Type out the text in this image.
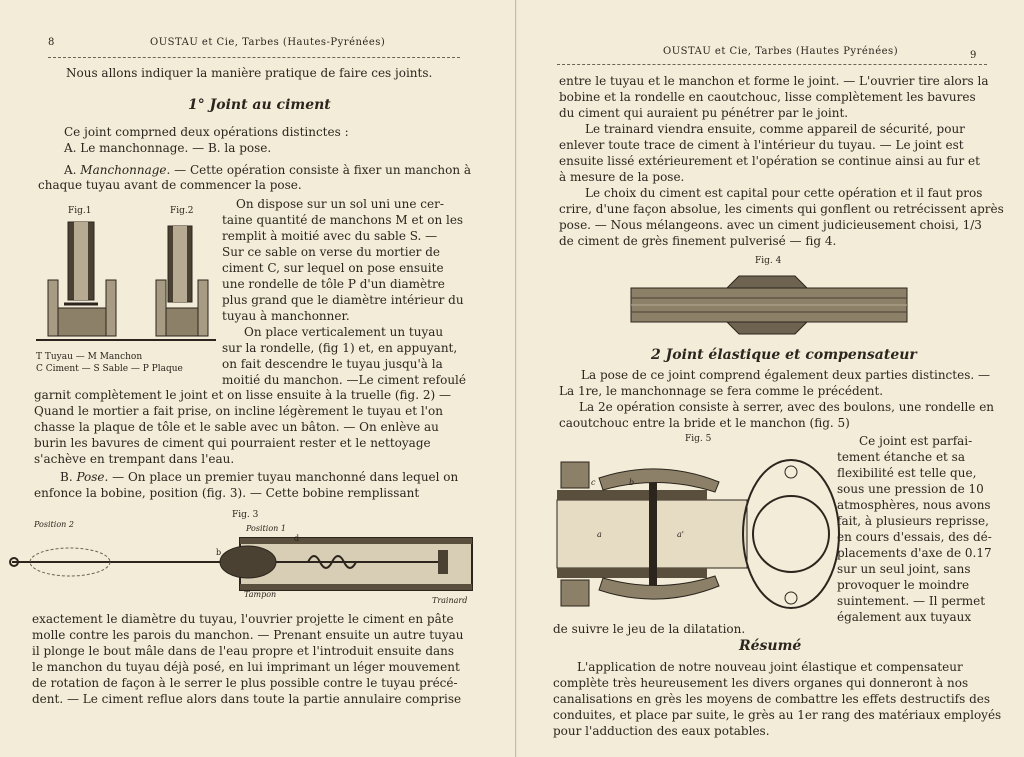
8	OUSTAU et Cie, Tarbes (Hautes-Pyrénées)
Nous allons indiquer la manière pratique de faire ces joints.
1° Joint au ciment
Ce joint comprned deux opérations distinctes :
A. Le manchonnage. — B. la pose.
A. Manchonnage. — Cette opération consiste à fixer un manchon à
chaque tuyau avant de commencer la pose.
Fig.1	Fig.2
T Tuyau — M Manchon
C Ciment — S Sable — P Plaque
On dispose sur un sol uni une cer-
taine quantité de manchons M et on les
remplit à moitié avec du sable S. —
Sur ce sable on verse du mortier de
ciment C, sur lequel on pose ensuite
une rondelle de tôle P d'un diamètre
plus grand que le diamètre intérieur du
tuyau à manchonner.
On place verticalement un tuyau
sur la rondelle, (fig 1) et, en appuyant,
on fait descendre le tuyau jusqu'à la
moitié du manchon. —Le ciment refoulé
garnit complètement le joint et on lisse ensuite à la truelle (fig. 2) —
Quand le mortier a fait prise, on incline légèrement le tuyau et l'on
chasse la plaque de tôle et le sable avec un bâton. — On enlève au
burin les bavures de ciment qui pourraient rester et le nettoyage
s'achève en trempant dans l'eau.
B. Pose. — On place un premier tuyau manchonné dans lequel on
enfonce la bobine, position (fig. 3). — Cette bobine remplissant
Fig. 3
Position 2	Position 1
b
d
Tampon
Trainard
exactement le diamètre du tuyau, l'ouvrier projette le ciment en pâte
molle contre les parois du manchon. — Prenant ensuite un autre tuyau
il plonge le bout mâle dans de l'eau propre et l'introduit ensuite dans
le manchon du tuyau déjà posé, en lui imprimant un léger mouvement
de rotation de façon à le serrer le plus possible contre le tuyau précé-
dent. — Le ciment reflue alors dans toute la partie annulaire comprise
OUSTAU et Cie, Tarbes (Hautes Pyrénées)	9
entre le tuyau et le manchon et forme le joint. — L'ouvrier tire alors la
bobine et la rondelle en caoutchouc, lisse complètement les bavures
du ciment qui auraient pu pénétrer par le joint.
Le trainard viendra ensuite, comme appareil de sécurité, pour
enlever toute trace de ciment à l'intérieur du tuyau. — Le joint est
ensuite lissé extérieurement et l'opération se continue ainsi au fur et
à mesure de la pose.
Le choix du ciment est capital pour cette opération et il faut pros
crire, d'une façon absolue, les ciments qui gonflent ou retrécissent après
pose. — Nous mélangeons. avec un ciment judicieusement choisi, 1/3
de ciment de grès finement pulverisé — fig 4.
Fig. 4
2 Joint élastique et compensateur
La pose de ce joint comprend également deux parties distinctes. —
La 1re, le manchonnage se fera comme le précédent.
La 2e opération consiste à serrer, avec des boulons, une rondelle en
caoutchouc entre la bride et le manchon (fig. 5)
Fig. 5
a	a'
b
c
Ce joint est parfai-
tement étanche et sa
flexibilité est telle que,
sous une pression de 10
atmosphères, nous avons
fait, à plusieurs reprisse,
en cours d'essais, des dé-
placements d'axe de 0.17
sur un seul joint, sans
provoquer le moindre
suintement. — Il permet
également aux tuyaux
de suivre le jeu de la dilatation.
Résumé
L'application de notre nouveau joint élastique et compensateur
complète très heureusement les divers organes qui donneront à nos
canalisations en grès les moyens de combattre les effets destructifs des
conduites, et place par suite, le grès au 1er rang des matériaux employés
pour l'adduction des eaux potables.
